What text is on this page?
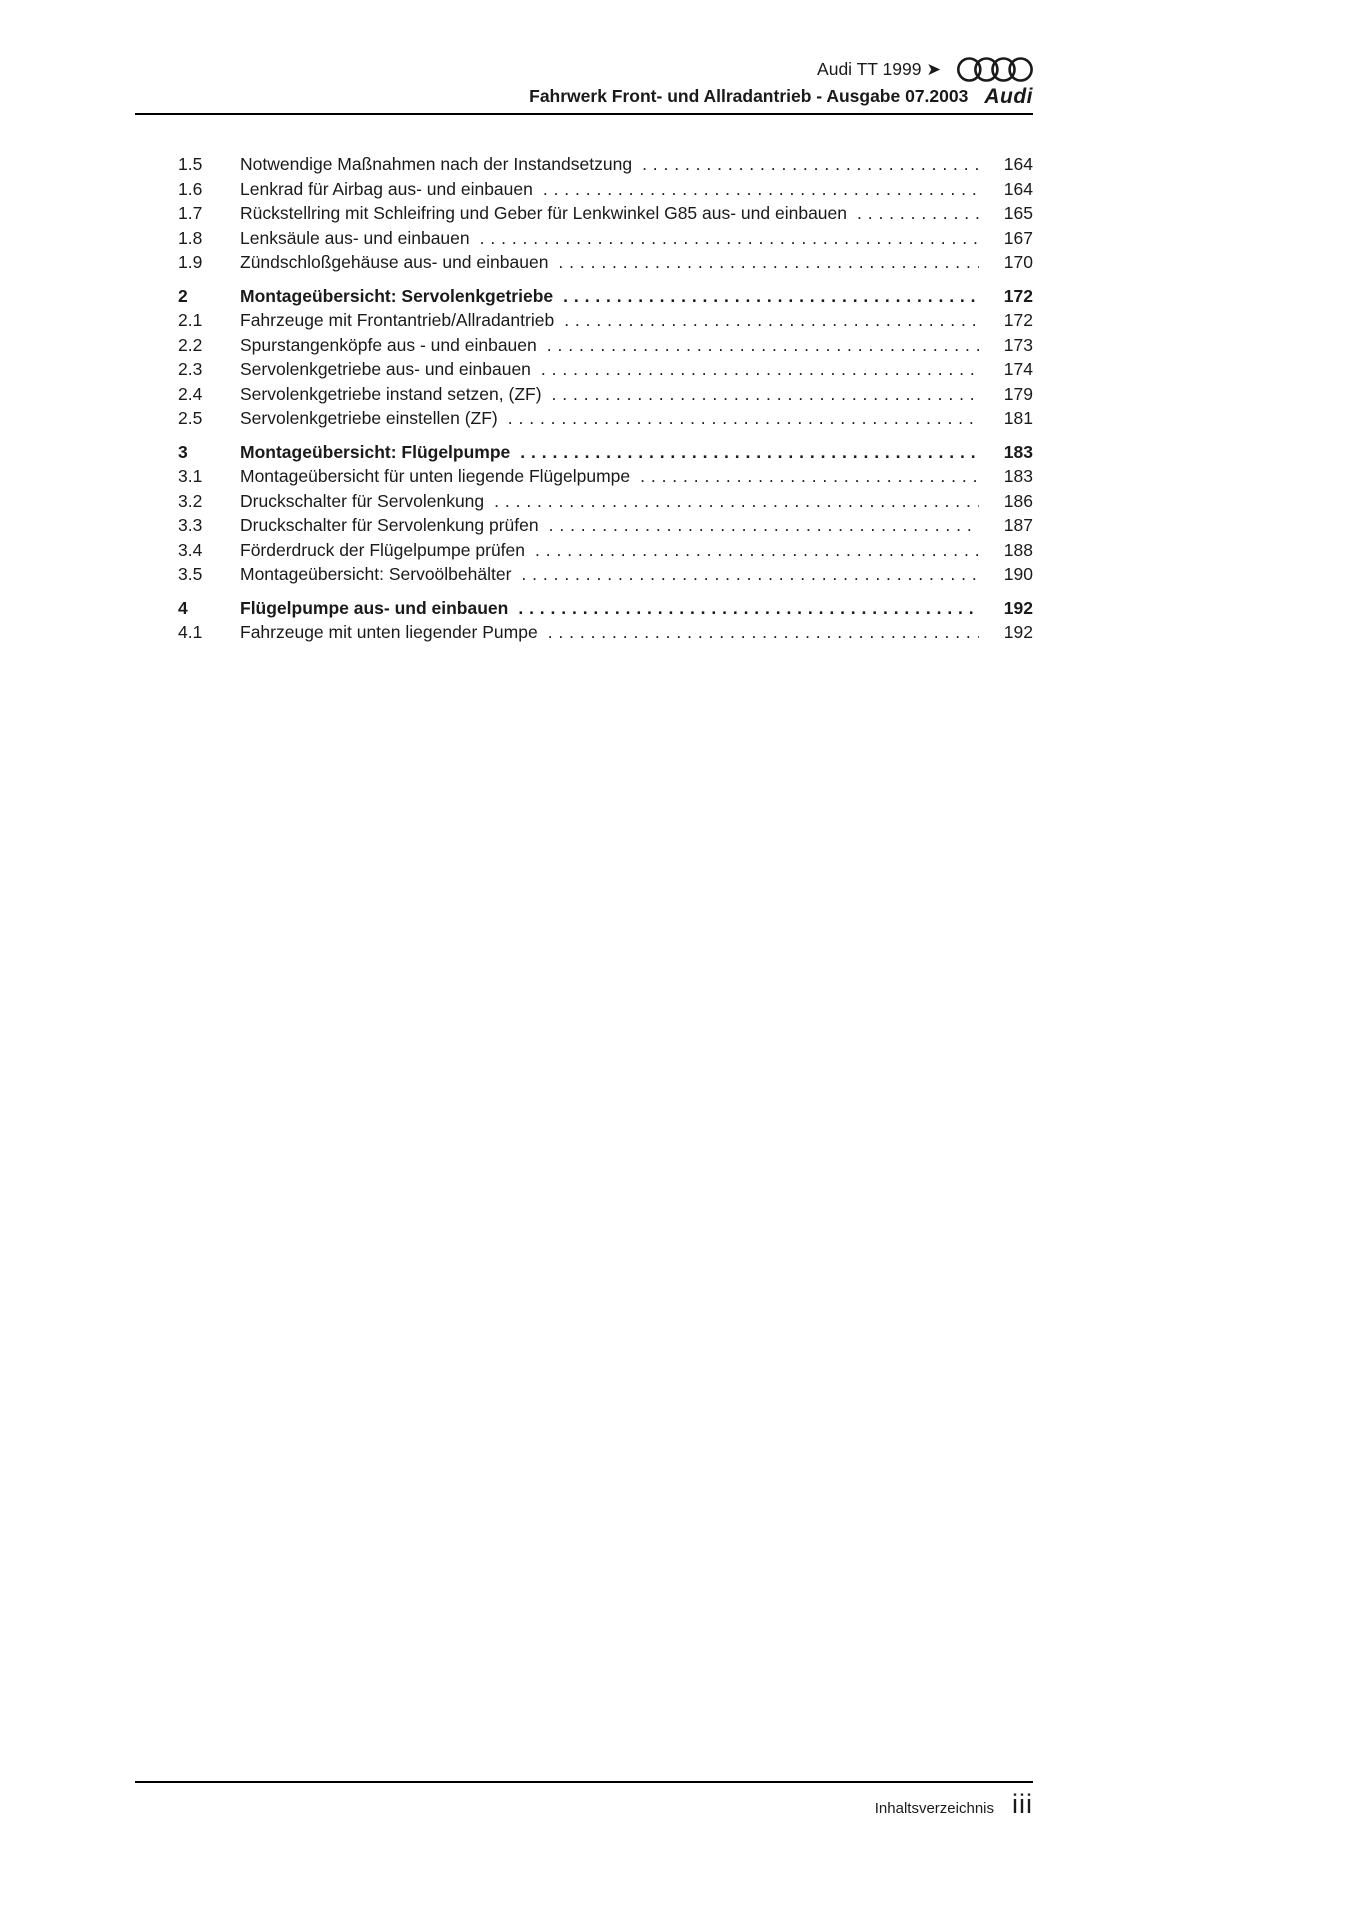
Audi TT 1999 ➤
Fahrwerk Front- und Allradantrieb - Ausgabe 07.2003 Audi
1.5	Notwendige Maßnahmen nach der Instandsetzung . . .	164
1.6	Lenkrad für Airbag aus- und einbauen . . .	164
1.7	Rückstellring mit Schleifring und Geber für Lenkwinkel G85 aus- und einbauen . . .	165
1.8	Lenksäule aus- und einbauen . . .	167
1.9	Zündschloßgehäuse aus- und einbauen . . .	170
2	Montageübersicht: Servolenkgetriebe . . .	172
2.1	Fahrzeuge mit Frontantrieb/Allradantrieb . . .	172
2.2	Spurstangenköpfe aus - und einbauen . . .	173
2.3	Servolenkgetriebe aus- und einbauen . . .	174
2.4	Servolenkgetriebe instand setzen, (ZF) . . .	179
2.5	Servolenkgetriebe einstellen (ZF) . . .	181
3	Montageübersicht: Flügelpumpe . . .	183
3.1	Montageübersicht für unten liegende Flügelpumpe . . .	183
3.2	Druckschalter für Servolenkung . . .	186
3.3	Druckschalter für Servolenkung prüfen . . .	187
3.4	Förderdruck der Flügelpumpe prüfen . . .	188
3.5	Montageübersicht: Servoölbehälter . . .	190
4	Flügelpumpe aus- und einbauen . . .	192
4.1	Fahrzeuge mit unten liegender Pumpe . . .	192
Inhaltsverzeichnis iii
